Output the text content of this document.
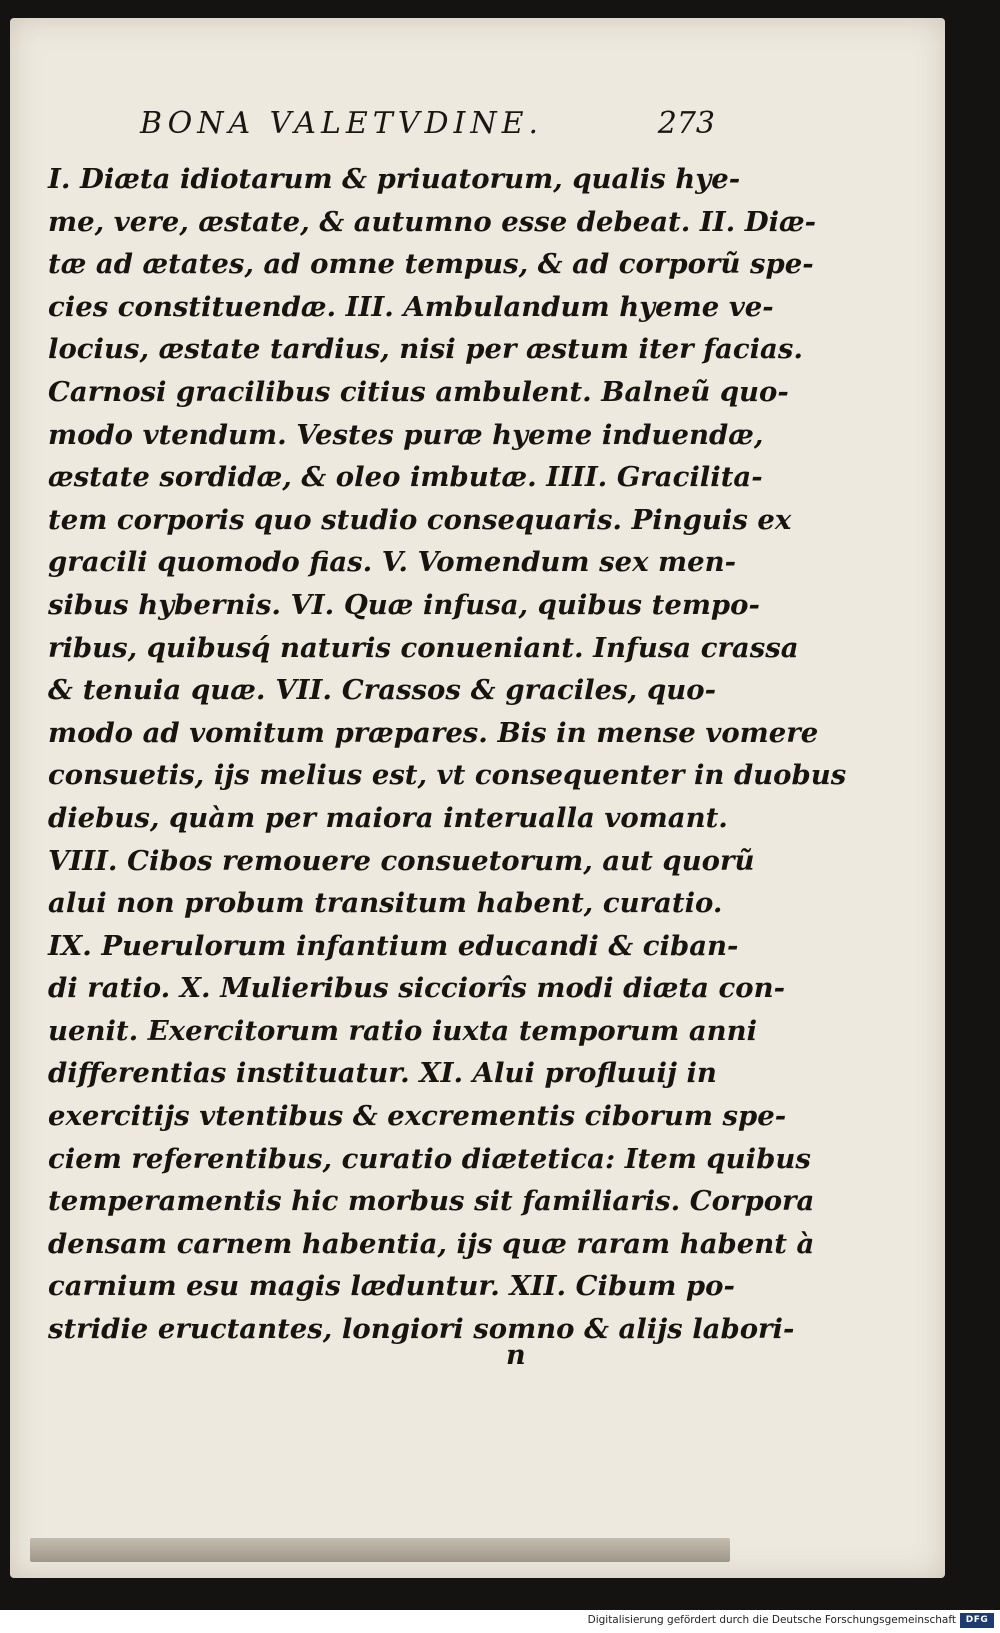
BONA VALETVDINE.	273
I. Diæta idiotarum & priuatorum, qualis hye-
me, vere, æstate, & autumno esse debeat. II. Diæ-
tæ ad ætates, ad omne tempus, & ad corporũ spe-
cies constituendæ. III. Ambulandum hyeme ve-
locius, æstate tardius, nisi per æstum iter facias.
Carnosi gracilibus citius ambulent. Balneũ quo-
modo vtendum. Vestes puræ hyeme induendæ,
æstate sordidæ, & oleo imbutæ. IIII. Gracilita-
tem corporis quo studio consequaris. Pinguis ex
gracili quomodo fias. V. Vomendum sex men-
sibus hybernis. VI. Quæ infusa, quibus tempo-
ribus, quibusq́ naturis conueniant. Infusa crassa
& tenuia quæ. VII. Crassos & graciles, quo-
modo ad vomitum præpares. Bis in mense vomere
consuetis, ijs melius est, vt consequenter in duobus
diebus, quàm per maiora interualla vomant.
VIII. Cibos remouere consuetorum, aut quorũ
alui non probum transitum habent, curatio.
IX. Puerulorum infantium educandi & ciban-
di ratio. X. Mulieribus sicciorîs modi diæta con-
uenit. Exercitorum ratio iuxta temporum anni
differentias instituatur. XI. Alui profluuij in
exercitijs vtentibus & excrementis ciborum spe-
ciem referentibus, curatio diætetica: Item quibus
temperamentis hic morbus sit familiaris. Corpora
densam carnem habentia, ijs quæ raram habent à
carnium esu magis læduntur. XII. Cibum po-
stridie eructantes, longiori somno & alijs labori-
n
Digitalisierung gefördert durch die Deutsche Forschungsgemeinschaft	DFG
